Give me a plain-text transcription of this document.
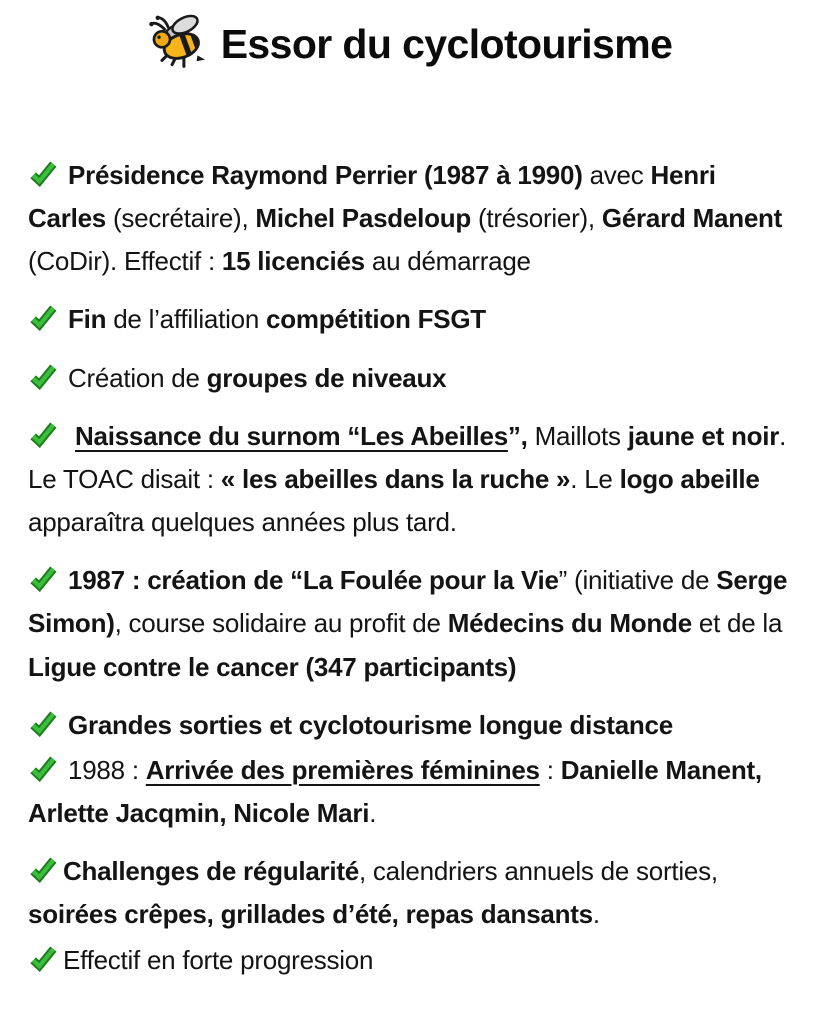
Essor du cyclotourisme

Présidence Raymond Perrier (1987 à 1990) avec Henri Carles (secrétaire), Michel Pasdeloup (trésorier), Gérard Manent (CoDir). Effectif : 15 licenciés au démarrage

Fin de l’affiliation compétition FSGT

Création de groupes de niveaux

Naissance du surnom “Les Abeilles”, Maillots jaune et noir. Le TOAC disait : « les abeilles dans la ruche ». Le logo abeille apparaîtra quelques années plus tard.

1987 : création de “La Foulée pour la Vie” (initiative de Serge Simon), course solidaire au profit de Médecins du Monde et de la Ligue contre le cancer (347 participants)

Grandes sorties et cyclotourisme longue distance

1988 : Arrivée des premières féminines : Danielle Manent, Arlette Jacqmin, Nicole Mari.

Challenges de régularité, calendriers annuels de sorties, soirées crêpes, grillades d’été, repas dansants.

Effectif en forte progression
